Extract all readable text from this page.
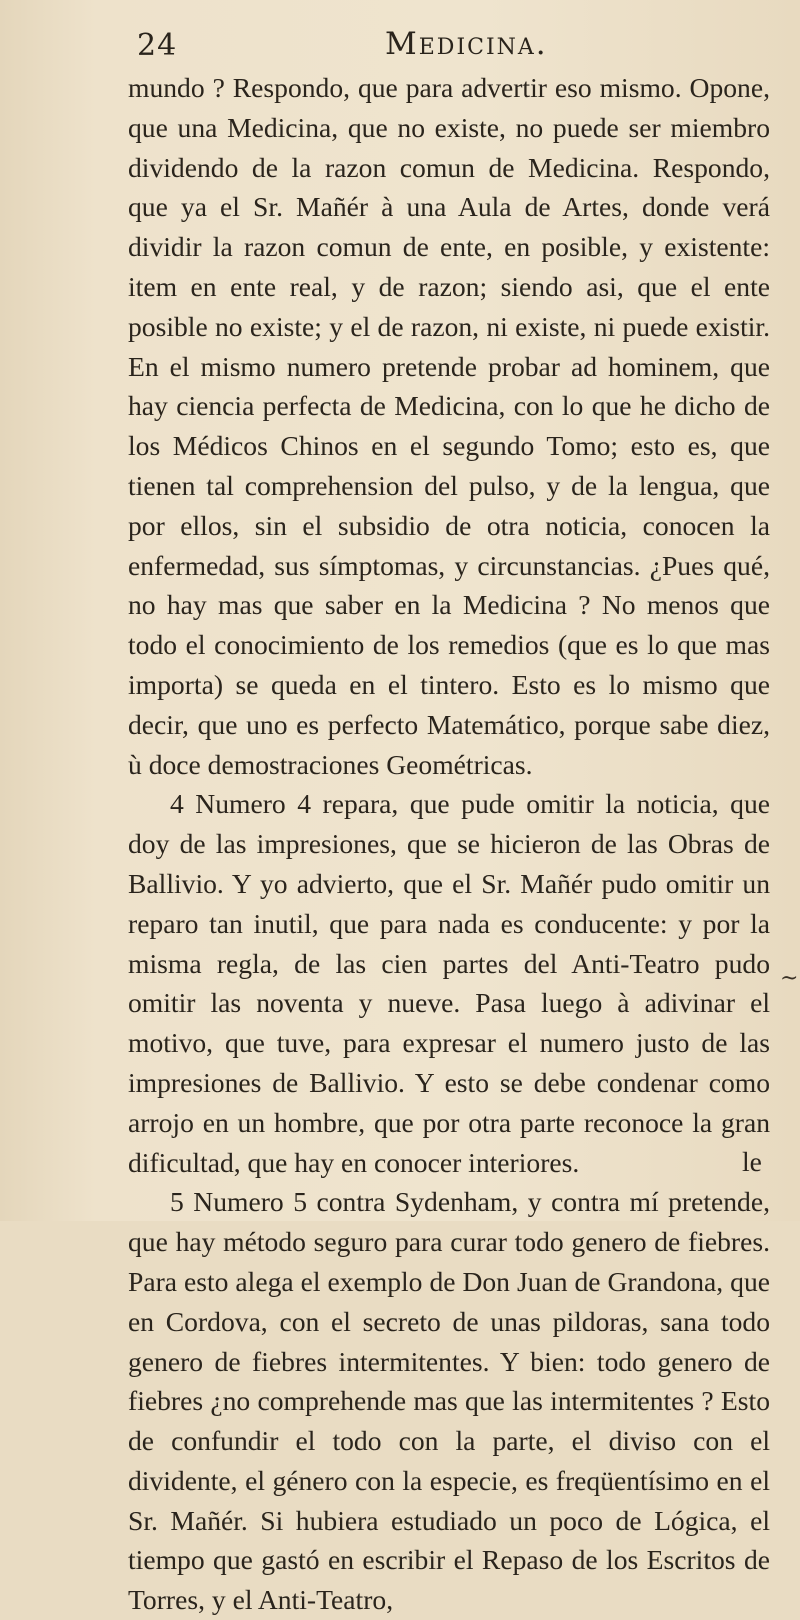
24	Medicina.

mundo ? Respondo, que para advertir eso mismo. Opone, que una Medicina, que no existe, no puede ser miembro dividendo de la razon comun de Medicina. Respondo, que ya el Sr. Mañér à una Aula de Artes, donde verá dividir la razon comun de ente, en posible, y existente: item en ente real, y de razon; siendo asi, que el ente posible no existe; y el de razon, ni existe, ni puede existir. En el mismo numero pretende probar ad hominem, que hay ciencia perfecta de Medicina, con lo que he dicho de los Médicos Chinos en el segundo Tomo; esto es, que tienen tal comprehension del pulso, y de la lengua, que por ellos, sin el subsidio de otra noticia, conocen la enfermedad, sus símptomas, y circunstancias. ¿Pues qué, no hay mas que saber en la Medicina ? No menos que todo el conocimiento de los remedios (que es lo que mas importa) se queda en el tintero. Esto es lo mismo que decir, que uno es perfecto Matemático, porque sabe diez, ù doce demostraciones Geométricas.

4 Numero 4 repara, que pude omitir la noticia, que doy de las impresiones, que se hicieron de las Obras de Ballivio. Y yo advierto, que el Sr. Mañér pudo omitir un reparo tan inutil, que para nada es conducente: y por la misma regla, de las cien partes del Anti-Teatro pudo omitir las noventa y nueve. Pasa luego à adivinar el motivo, que tuve, para expresar el numero justo de las impresiones de Ballivio. Y esto se debe condenar como arrojo en un hombre, que por otra parte reconoce la gran dificultad, que hay en conocer interiores.

5 Numero 5 contra Sydenham, y contra mí pretende, que hay método seguro para curar todo genero de fiebres. Para esto alega el exemplo de Don Juan de Grandona, que en Cordova, con el secreto de unas pildoras, sana todo genero de fiebres intermitentes. Y bien: todo genero de fiebres ¿no comprehende mas que las intermitentes ? Esto de confundir el todo con la parte, el diviso con el dividente, el género con la especie, es freqüentísimo en el Sr. Mañér. Si hubiera estudiado un poco de Lógica, el tiempo que gastó en escribir el Repaso de los Escritos de Torres, y el Anti-Teatro,

~
le
